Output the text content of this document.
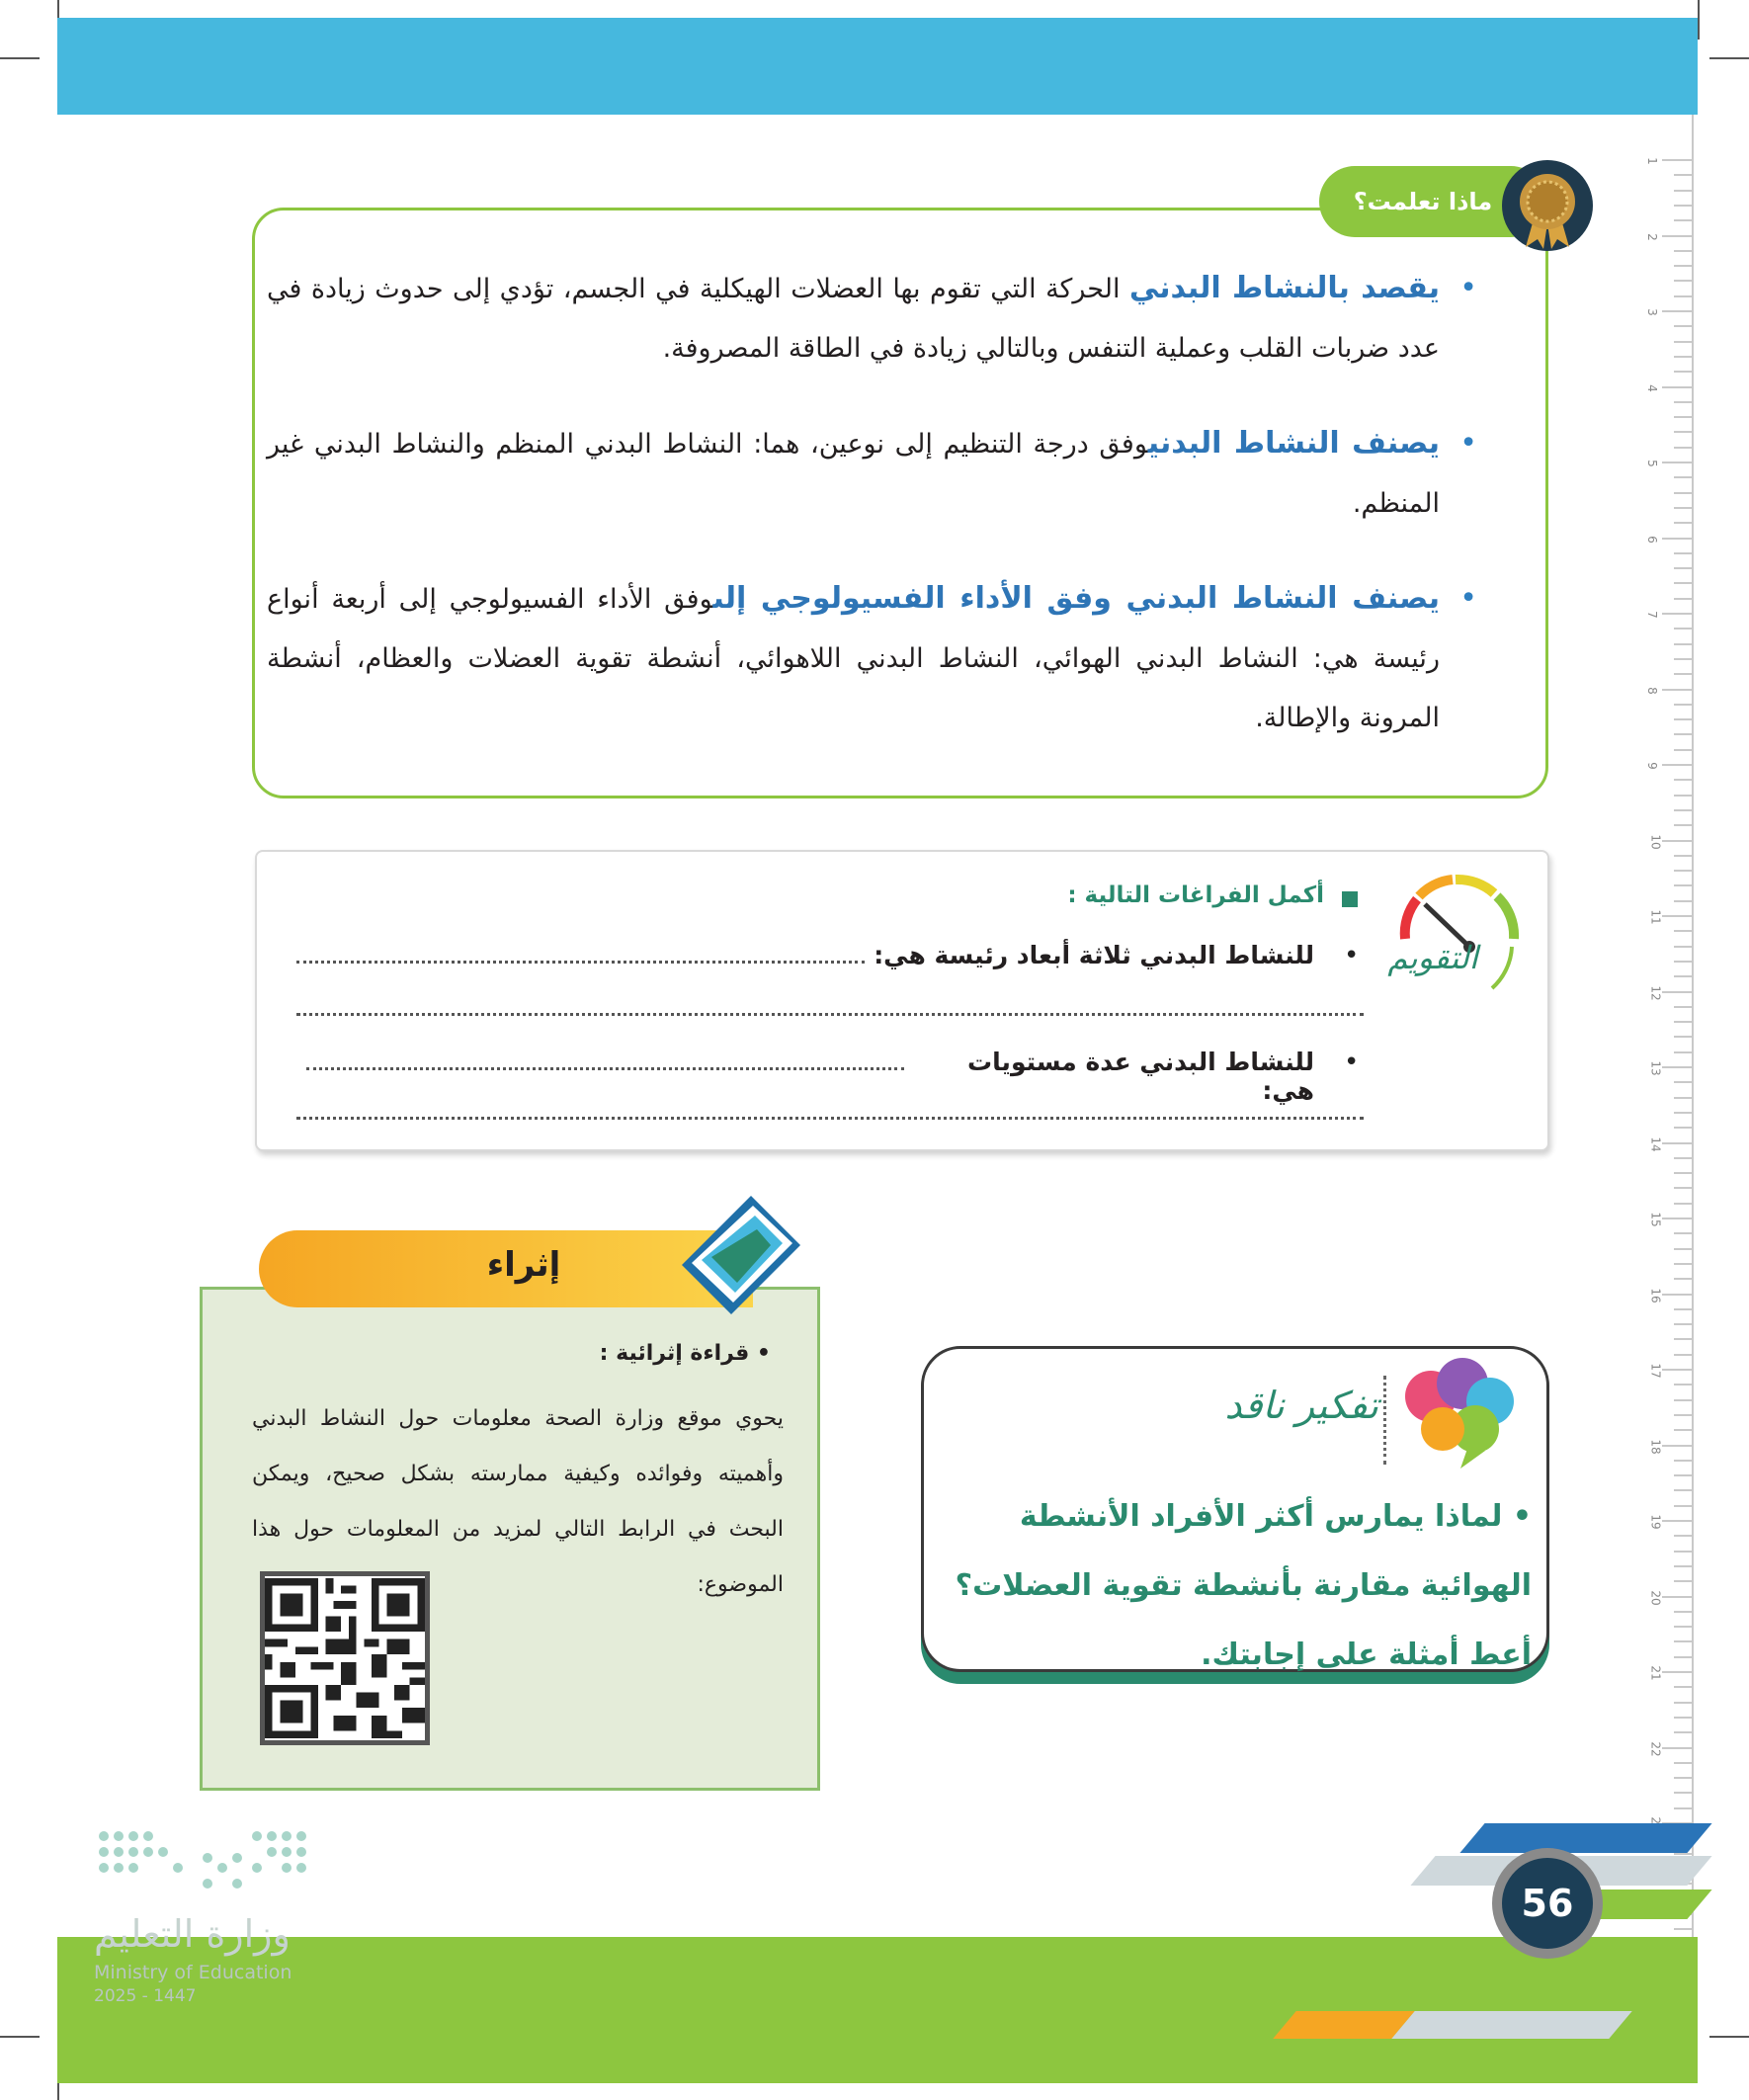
1
2
3
4
5
6
7
8
9
10
11
12
13
14
15
16
17
18
19
20
21
22
ماذا تعلمت؟

• يقصد بالنشاط البدني الحركة التي تقوم بها العضلات الهيكلية في الجسم، تؤدي إلى حدوث زيادة في عدد ضربات القلب وعملية التنفس وبالتالي زيادة في الطاقة المصروفة.

• يصنف النشاط البدنيوفق درجة التنظيم إلى نوعين، هما: النشاط البدني المنظم والنشاط البدني غير المنظم.

• يصنف النشاط البدني وفق الأداء الفسيولوجي إلىوفق الأداء الفسيولوجي إلى أربعة أنواع رئيسة هي: النشاط البدني الهوائي، النشاط البدني اللاهوائي، أنشطة تقوية العضلات والعظام، أنشطة المرونة والإطالة.

التقويم
أكمل الفراغات التالية :
•
للنشاط البدني ثلاثة أبعاد رئيسة هي:
•
للنشاط البدني عدة مستويات هي:
إثراء
• قراءة إثرائية :
يحوي موقع وزارة الصحة معلومات حول النشاط البدني وأهميته وفوائده وكيفية ممارسته بشكل صحيح، ويمكن البحث في الرابط التالي لمزيد من المعلومات حول هذا الموضوع:
تفكير ناقد
• لماذا يمارس أكثر الأفراد الأنشطة الهوائية مقارنة بأنشطة تقوية العضلات؟ أعط أمثلة على إجابتك.
56
وزارة التعليم
Ministry of Education
2025 - 1447
